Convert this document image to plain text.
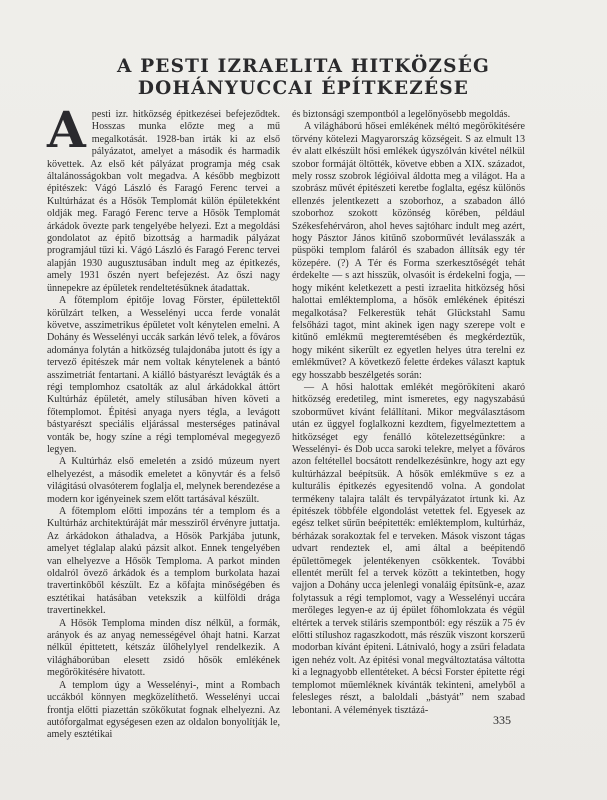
A PESTI IZRAELITA HITKÖZSÉG
DOHÁNYUCCAI ÉPÍTKEZÉSE

A pesti izr. hitközség épitkezései befejeződtek. Hosszas munka előzte meg a mű megalkotását. 1928-ban irták ki az első pályázatot, amelyet a második és harmadik követtek. Az első két pályázat programja még csak általánosságokban volt megadva. A később megbizott épitészek: Vágó László és Faragó Ferenc tervei a Kultúrházat és a Hősök Templomát külön épületekként oldják meg. Faragó Ferenc terve a Hősök Templomát árkádok övezte park tengelyébe helyezi. Ezt a megoldási gondolatot az épitő bizottság a harmadik pályázat programjául tűzi ki. Vágó László és Faragó Ferenc tervei alapján 1930 augusztusában indult meg az épitkezés, amely 1931 őszén nyert befejezést. Az őszi nagy ünnepekre az épületek rendeltetésüknek átadattak.

A főtemplom épitője lovag Förster, épülettektől körülzárt telken, a Wesselényi ucca ferde vonalát követve, asszimetrikus épületet volt kénytelen emelni. A Dohány és Wesselényi uccák sarkán lévő telek, a főváros adománya folytán a hitközség tulajdonába jutott és így a tervező épitészek már nem voltak kénytelenek a bántó asszimetriát fentartani. A kiálló bástyarészt levágták és a régi templomhoz csatolták az alul árkádokkal áttört Kultúrház épületét, amely stílusában híven követi a főtemplomot. Épitési anyaga nyers tégla, a levágott bástyarészt speciális eljárással mesterséges patinával vonták be, hogy színe a régi temploméval megegyező legyen.

A Kultúrház első emeletén a zsidó múzeum nyert elhelyezést, a második emeletet a könyvtár és a felső világitású olvasóterem foglalja el, melynek berendezése a modern kor igényeinek szem előtt tartásával készült.

A főtemplom előtti impozáns tér a templom és a Kultúrház architektúráját már messziről érvényre juttatja. Az árkádokon áthaladva, a Hősök Parkjába jutunk, amelyet téglalap alakú pázsit alkot. Ennek tengelyében van elhelyezve a Hősök Temploma. A parkot minden oldalról övező árkádok és a templom burkolata hazai travertinkőből készült. Ez a kőfajta minőségében és esztétikai hatásában vetekszik a külföldi drága travertinekkel.

A Hősök Temploma minden dísz nélkül, a formák, arányok és az anyag nemességével óhajt hatni. Karzat nélkül épittetett, kétszáz ülőhelylyel rendelkezik. A világháborúban elesett zsidó hősök emlékének megörökitésére hivatott.

A templom úgy a Wesselényi-, mint a Rombach uccákból könnyen megközelíthető. Wesselényi uccai frontja előtti piazettán szökőkutat fognak elhelyezni. Az autóforgalmat egységesen ezen az oldalon bonyolítják le, amely esztétikai

és biztonsági szempontból a legelőnyösebb megoldás.

A világháború hősei emlékének méltó megörökitésére törvény kötelezi Magyarország községeit. S az elmult 13 év alatt elkészült hősi emlékek úgyszólván kivétel nélkül szobor formáját öltötték, követve ebben a XIX. századot, mely rossz szobrok légióival áldotta meg a világot. Ha a szobrász művét épitészeti keretbe foglalta, egész különös ellenzés jelentkezett a szoborhoz, a szabadon álló szoborhoz szokott közönség körében, például Székesfehérváron, ahol heves sajtóharc indult meg azért, hogy Pásztor János kitűnő szoborművét leválasszák a püspöki templom faláról és szabadon állítsák egy tér közepére. (?) A Tér és Forma szerkesztőségét tehát érdekelte — s azt hisszük, olvasóit is érdekelni fogja, — hogy miként keletkezett a pesti izraelita hitközség hősi halottai emléktemploma, a hősök emlékének épitészi megalkotása? Felkerestük tehát Glückstahl Samu felsőházi tagot, mint akinek igen nagy szerepe volt e kitűnő emlékmű megteremtésében és megkérdeztük, hogy miként sikerült ez egyetlen helyes útra terelni ez emlékművet? A következő felette érdekes választ kaptuk egy hosszabb beszélgetés során:

— A hősi halottak emlékét megörökíteni akaró hitközség eredetileg, mint ismeretes, egy nagyszabású szoborművet kívánt felállítani. Mikor megválasztásom után ez üggyel foglalkozni kezdtem, figyelmeztettem a hitközséget egy fenálló kötelezettségünkre: a Wesselényi- és Dob ucca saroki telekre, melyet a főváros azon feltétellel bocsátott rendelkezésünkre, hogy azt egy kultúrházzal beépítsük. A hősök emlékműve s ez a kulturális épitkezés egyesitendő volna. A gondolat termékeny talajra talált és tervpályázatot írtunk ki. Az épitészek többféle elgondolást vetettek fel. Egyesek az egész telket sűrűn beépitették: emléktemplom, kultúrház, bérházak sorakoztak fel e terveken. Mások viszont tágas udvart rendeztek el, ami által a beépitendő épülettömegek jelentékenyen csökkentek. További ellentét merült fel a tervek között a tekintetben, hogy vajjon a Dohány ucca jelenlegi vonaláig építsünk-e, azaz folytassuk a régi templomot, vagy a Wesselényi uccára merőleges legyen-e az új épület főhomlokzata és végül eltértek a tervek stiláris szempontból: egy részük a 75 év előtti stílushoz ragaszkodott, más részük viszont korszerű modorban kívánt épiteni. Látnivaló, hogy a zsűri feladata igen nehéz volt. Az épitési vonal megváltoztatása váltotta ki a legnagyobb ellentéteket. A bécsi Forster épitette régi templomot műemléknek kívánták tekinteni, amelyből a felesleges részt, a baloldali „bástyát” nem szabad lebontani. A vélemények tisztázá-

335
